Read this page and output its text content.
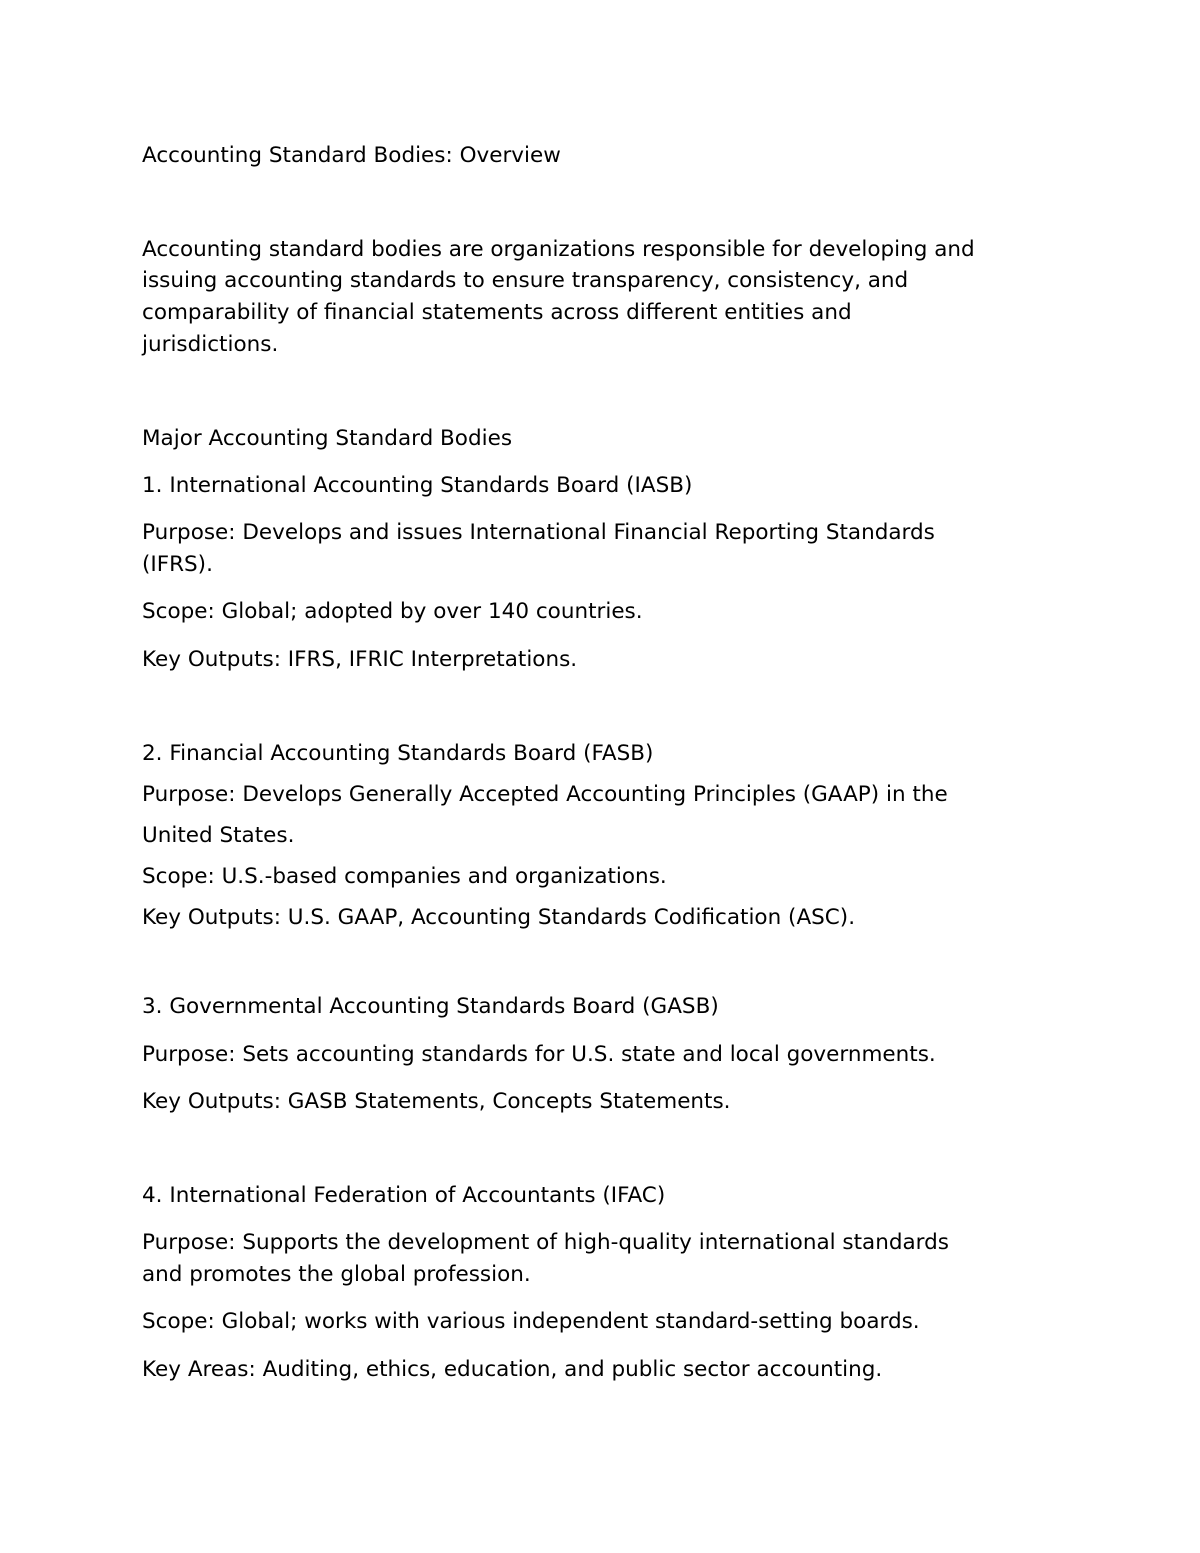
Accounting Standard Bodies: Overview

Accounting standard bodies are organizations responsible for developing and

issuing accounting standards to ensure transparency, consistency, and

comparability of financial statements across different entities and

jurisdictions.

Major Accounting Standard Bodies

1. International Accounting Standards Board (IASB)

Purpose: Develops and issues International Financial Reporting Standards

(IFRS).

Scope: Global; adopted by over 140 countries.

Key Outputs: IFRS, IFRIC Interpretations.

2. Financial Accounting Standards Board (FASB)

Purpose: Develops Generally Accepted Accounting Principles (GAAP) in the

United States.

Scope: U.S.-based companies and organizations.

Key Outputs: U.S. GAAP, Accounting Standards Codification (ASC).

3. Governmental Accounting Standards Board (GASB)

Purpose: Sets accounting standards for U.S. state and local governments.

Key Outputs: GASB Statements, Concepts Statements.

4. International Federation of Accountants (IFAC)

Purpose: Supports the development of high-quality international standards

and promotes the global profession.

Scope: Global; works with various independent standard-setting boards.

Key Areas: Auditing, ethics, education, and public sector accounting.
